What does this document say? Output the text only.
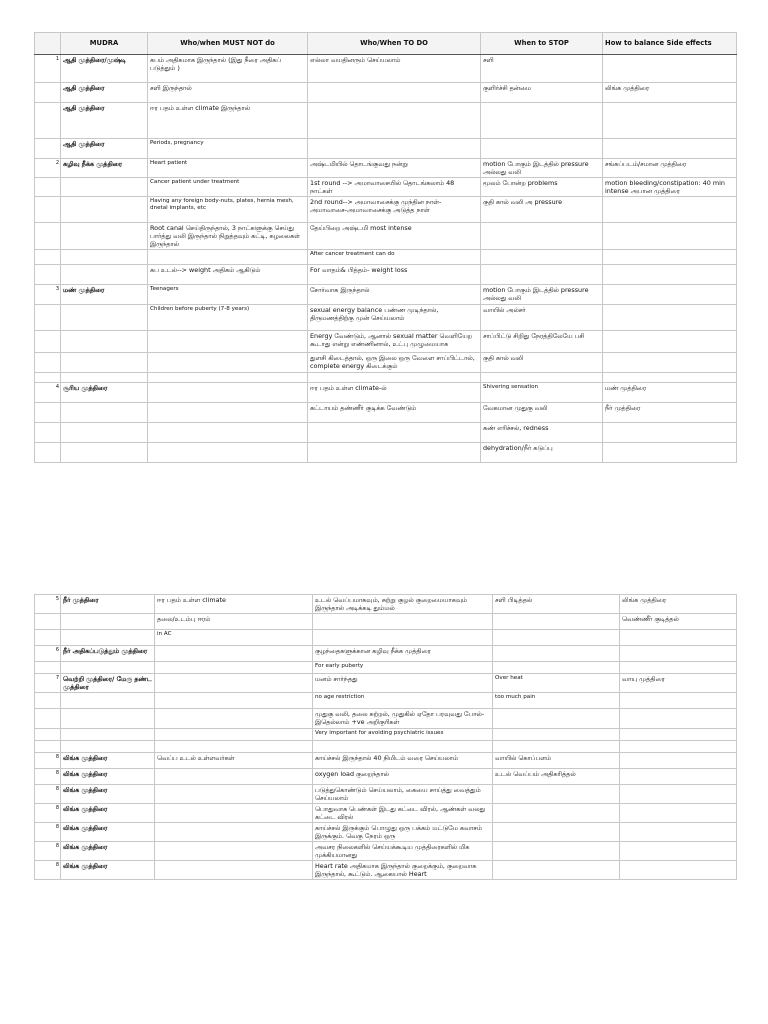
	MUDRA	Who/when MUST NOT do	Who/When TO DO	When to STOP	How to balance Side effects
1	ஆதி முத்திரை/முஷ்டி	கபம் அதிகமாக இருந்தால் (இது நீரை அதிகப் படுத்தும் )	எல்லா வயதினரும் செய்யலாம்	சளி	
	ஆதி முத்திரை	சளி இருந்தால்		குளிர்ச்சி தன்மை	லிங்க முத்திரை
	ஆதி முத்திரை	ஈர பதம் உள்ள climate இருந்தால்			
	ஆதி முத்திரை	Periods, pregnancy			
2	கழிவு நீக்க முத்திரை	Heart patient	அஷ்டமியில் தொடங்குவது நன்று	motion போகும் இடத்தில் pressure அல்லது வலி	சங்கப்படம்/சமான முத்திரை
		Cancer patient under treatment	1st round --> அமாவாசையில் தொடங்கலாம் 48 நாட்கள்	மூலம் போன்ற problems	motion bleeding/constipation: 40 min intense அபான முத்திரை
		Having any foreign body-nuts, plates, hernia mesh, dnetal implants, etc	2nd round--> அமாவாசைக்கு முந்தின நாள்- அமாவாசை-அமாவாசைக்கு அடுத்த நாள்	குதி கால் வலி அ pressure	
		Root canal செய்திருந்தால், 3 நாட்களுக்கு செய்து பார்த்து வலி இருந்தால் நிறுத்தவும் கட்டி, கழலைகள் இருந்தால்	தேய்பிறை அஷ்டமி most intense		
			After cancer treatment can do		
		கப உடல்--> weight அதிகம் ஆகிடும்	For வாதம்& பித்தம்- weight loss		
3	மண் முத்திரை	Teenagers	சோர்வாக இருந்தால்	motion போகும் இடத்தில் pressure அல்லது வலி	
		Children before puberty (7-8 years)	sexual energy balance பண்ண முடிந்தால், திருமணத்திற்கு முன் செய்யலாம்	வாயில் அல்சர்	
			Energy வேண்டும், ஆனால் sexual matter வெளியேற கூடாது என்று எண்ணினால், உட்பு முழுமையாக	சாப்பிட்டு சிறிது நேரத்திலேயே பசி	
			துளசி கிடைத்தால், ஒரு இலை ஒரு வேளை சாப்பிட்டால், complete energy கிடைக்கும்	குதி கால் வலி	

4	சூரிய முத்திரை		ஈர பதம் உள்ள climate-ல்	Shivering sensation	மண் முத்திரை
			கட்டாயம் தண்ணீர் குடிக்க வேண்டும்	வேகமான முதுகு வலி	நீர் முத்திரை
				கண் எரிச்சல், redness	
				dehydration/நீர் கடுப்பு	
5	நீர் முத்திரை	ஈர பதம் உள்ள climate	உடல் வெப்பமாகவும், சுற்று குழல் குறைமையாகவும் இருந்தால் அடிக்கடி தும்மல்	சளி பிடித்தல்	லிங்க முத்திரை
		தலை/உடம்பு ஈரம்			வெண்ணீர் குடித்தல்
		in AC			
6	நீர் அதிகப்படுத்தும் முத்திரை		குழந்தைகளுக்கான கழிவு நீக்க முத்திரை		
			For early puberty		
7	வெற்றி முத்திரை/ மேரு தண்ட முத்திரை		மனம் சார்ந்தது	Over heat	வாயு முத்திரை
			no age restriction	too much pain	
			முதுகு வலி, தலை சுற்றல், முதுகில் ஏதோ பரவுவது போல்- இதெல்லாம் +ve அறிகுரிகள்		
			Very important for avoiding psychiatric issues		

8	லிங்க முத்திரை	வெப்ப உடல் உள்ளவர்கள்	காய்ச்சல் இருந்தால் 40 நிமிடம் வரை செய்யலாம்	வாயில் கொப்பளம்	
8	லிங்க முத்திரை		oxygen load குறைந்தால்	உடல் வெப்பம் அதிகரித்தல்	
8	லிங்க முத்திரை		படுத்துகொண்டும் செய்யலாம், கையை சாய்த்து வைத்தும் செய்யலாம்		
8	லிங்க முத்திரை		பொதுவாக பெண்கள் இடது கட்டை விரல், ஆண்கள் வலது கட்டை விரல்		
8	லிங்க முத்திரை		காய்ச்சல் இருக்கும் பொழுது ஒரு பக்கம் மட்டுமே கவாசம் இருக்கும். வெகு நேரம் ஒரு		
8	லிங்க முத்திரை		அவசர நிலைகளில் செய்யக்கூடிய முத்திரைகளில் மிக முக்கியமானது		
8	லிங்க முத்திரை		Heart rate அதிகமாக இருந்தால் குறைக்கும், குறைவாக இருந்தால், கூட்டும். ஆகையால் Heart		
